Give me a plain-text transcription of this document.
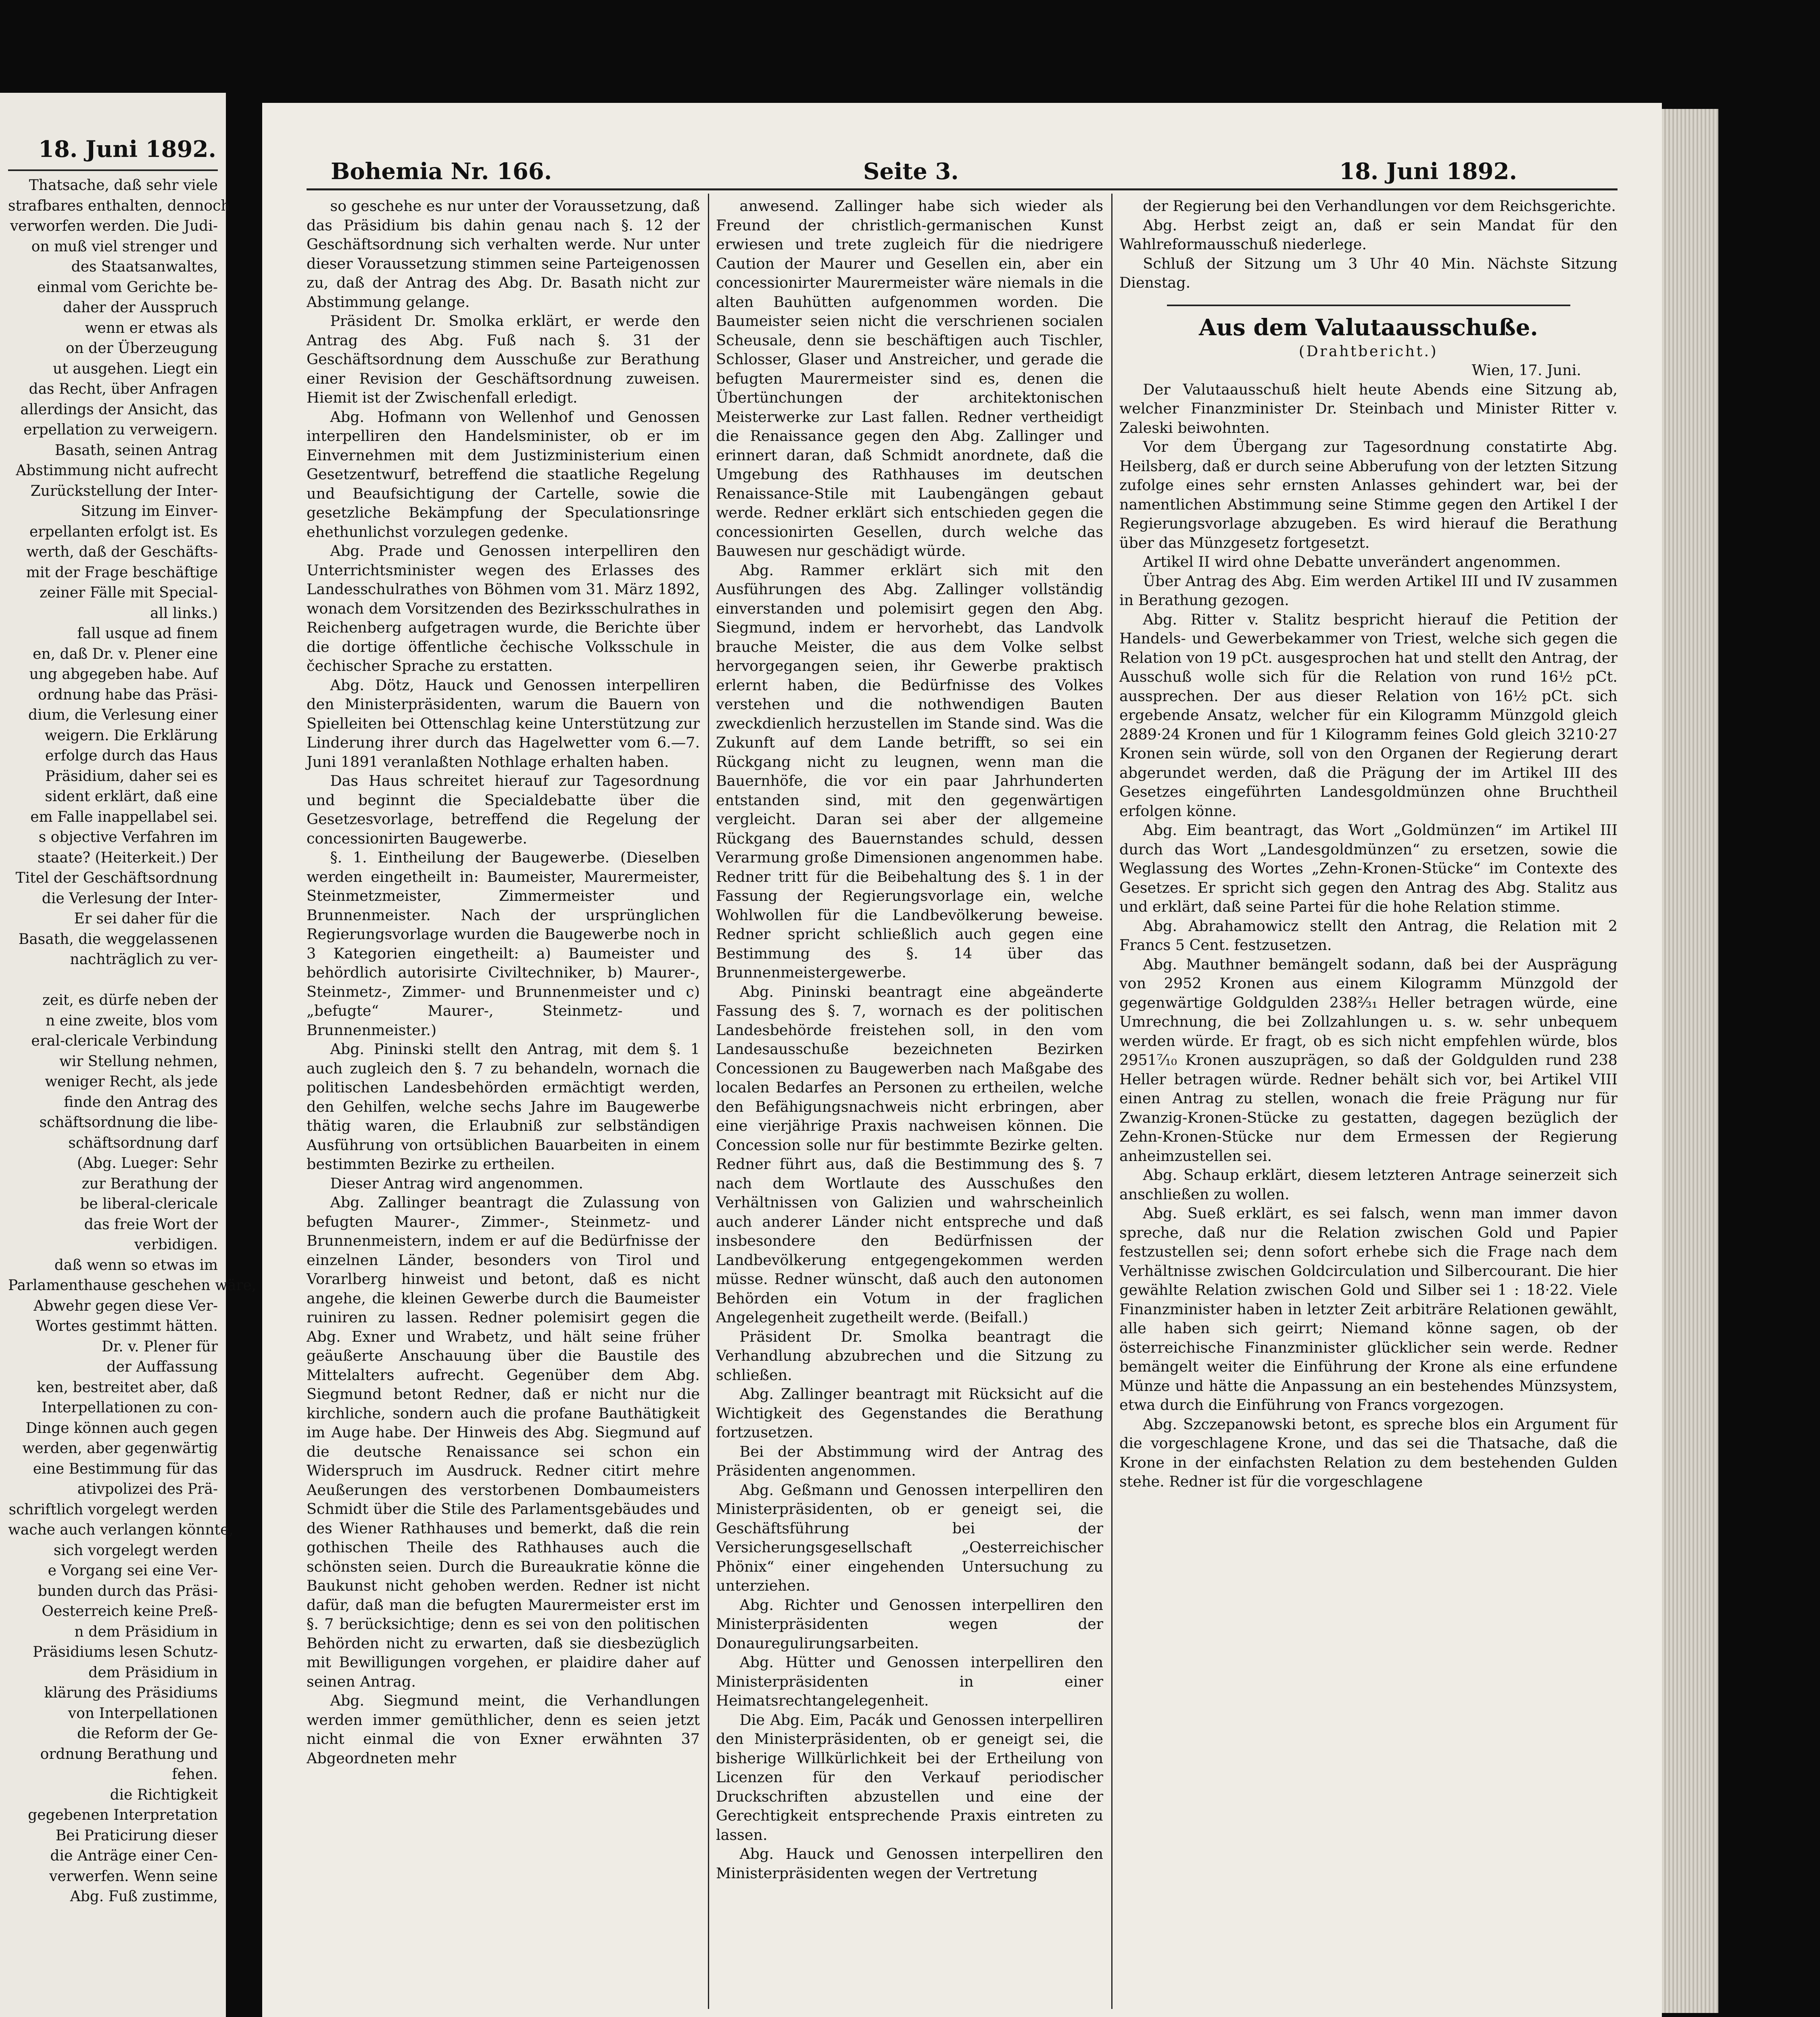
18. Juni 1892.
Thatsache, daß sehr viele
strafbares enthalten, dennoch
verworfen werden. Die Judi-
on muß viel strenger und
des Staatsanwaltes,
einmal vom Gerichte be-
daher der Ausspruch
wenn er etwas als
on der Überzeugung
ut ausgehen. Liegt ein
das Recht, über Anfragen
allerdings der Ansicht, das
erpellation zu verweigern.
Basath, seinen Antrag
Abstimmung nicht aufrecht
Zurückstellung der Inter-
Sitzung im Einver-
erpellanten erfolgt ist. Es
werth, daß der Geschäfts-
mit der Frage beschäftige
zeiner Fälle mit Special-
all links.)
fall usque ad finem
en, daß Dr. v. Plener eine
ung abgegeben habe. Auf
ordnung habe das Präsi-
dium, die Verlesung einer
weigern. Die Erklärung
erfolge durch das Haus
Präsidium, daher sei es
sident erklärt, daß eine
em Falle inappellabel sei.
s objective Verfahren im
staate? (Heiterkeit.) Der
Titel der Geschäftsordnung
die Verlesung der Inter-
Er sei daher für die
Basath, die weggelassenen
nachträglich zu ver-

zeit, es dürfe neben der
n eine zweite, blos vom
eral-clericale Verbindung
wir Stellung nehmen,
weniger Recht, als jede
finde den Antrag des
schäftsordnung die libe-
schäftsordnung darf
(Abg. Lueger: Sehr
zur Berathung der
be liberal-clericale
das freie Wort der
verbidigen.
daß wenn so etwas im
Parlamenthause geschehen wäre,
Abwehr gegen diese Ver-
Wortes gestimmt hätten.
Dr. v. Plener für
der Auffassung
ken, bestreitet aber, daß
Interpellationen zu con-
Dinge können auch gegen
werden, aber gegenwärtig
eine Bestimmung für das
ativpolizei des Prä-
schriftlich vorgelegt werden
wache auch verlangen könnte,
sich vorgelegt werden
e Vorgang sei eine Ver-
bunden durch das Präsi-
Oesterreich keine Preß-
n dem Präsidium in
Präsidiums lesen Schutz-
dem Präsidium in
klärung des Präsidiums
von Interpellationen
die Reform der Ge-
ordnung Berathung und
fehen.
die Richtigkeit
gegebenen Interpretation
Bei Praticirung dieser
die Anträge einer Cen-
verwerfen. Wenn seine
Abg. Fuß zustimme,
Bohemia Nr. 166.	Seite 3.	18. Juni 1892.

so geschehe es nur unter der Voraussetzung, daß das Präsidium bis dahin genau nach §. 12 der Geschäftsordnung sich verhalten werde. Nur unter dieser Voraussetzung stimmen seine Parteigenossen zu, daß der Antrag des Abg. Dr. Basath nicht zur Abstimmung gelange.

Präsident Dr. Smolka erklärt, er werde den Antrag des Abg. Fuß nach §. 31 der Geschäftsordnung dem Ausschuße zur Berathung einer Revision der Geschäftsordnung zuweisen. Hiemit ist der Zwischenfall erledigt.

Abg. Hofmann von Wellenhof und Genossen interpelliren den Handelsminister, ob er im Einvernehmen mit dem Justizministerium einen Gesetzentwurf, betreffend die staatliche Regelung und Beaufsichtigung der Cartelle, sowie die gesetzliche Bekämpfung der Speculationsringe ehethunlichst vorzulegen gedenke.

Abg. Prade und Genossen interpelliren den Unterrichtsminister wegen des Erlasses des Landesschulrathes von Böhmen vom 31. März 1892, wonach dem Vorsitzenden des Bezirksschulrathes in Reichenberg aufgetragen wurde, die Berichte über die dortige öffentliche čechische Volksschule in čechischer Sprache zu erstatten.

Abg. Dötz, Hauck und Genossen interpelliren den Ministerpräsidenten, warum die Bauern von Spielleiten bei Ottenschlag keine Unterstützung zur Linderung ihrer durch das Hagelwetter vom 6.—7. Juni 1891 veranlaßten Nothlage erhalten haben.

Das Haus schreitet hierauf zur Tagesordnung und beginnt die Specialdebatte über die Gesetzesvorlage, betreffend die Regelung der concessionirten Baugewerbe.

§. 1. Eintheilung der Baugewerbe. (Dieselben werden eingetheilt in: Baumeister, Maurermeister, Steinmetzmeister, Zimmermeister und Brunnenmeister. Nach der ursprünglichen Regierungsvorlage wurden die Baugewerbe noch in 3 Kategorien eingetheilt: a) Baumeister und behördlich autorisirte Civiltechniker, b) Maurer-, Steinmetz-, Zimmer- und Brunnenmeister und c) „befugte“ Maurer-, Steinmetz- und Brunnenmeister.)

Abg. Pininski stellt den Antrag, mit dem §. 1 auch zugleich den §. 7 zu behandeln, wornach die politischen Landesbehörden ermächtigt werden, den Gehilfen, welche sechs Jahre im Baugewerbe thätig waren, die Erlaubniß zur selbständigen Ausführung von ortsüblichen Bauarbeiten in einem bestimmten Bezirke zu ertheilen.

Dieser Antrag wird angenommen.

Abg. Zallinger beantragt die Zulassung von befugten Maurer-, Zimmer-, Steinmetz- und Brunnenmeistern, indem er auf die Bedürfnisse der einzelnen Länder, besonders von Tirol und Vorarlberg hinweist und betont, daß es nicht angehe, die kleinen Gewerbe durch die Baumeister ruiniren zu lassen. Redner polemisirt gegen die Abg. Exner und Wrabetz, und hält seine früher geäußerte Anschauung über die Baustile des Mittelalters aufrecht. Gegenüber dem Abg. Siegmund betont Redner, daß er nicht nur die kirchliche, sondern auch die profane Bauthätigkeit im Auge habe. Der Hinweis des Abg. Siegmund auf die deutsche Renaissance sei schon ein Widerspruch im Ausdruck. Redner citirt mehre Aeußerungen des verstorbenen Dombaumeisters Schmidt über die Stile des Parlamentsgebäudes und des Wiener Rathhauses und bemerkt, daß die rein gothischen Theile des Rathhauses auch die schönsten seien. Durch die Bureaukratie könne die Baukunst nicht gehoben werden. Redner ist nicht dafür, daß man die befugten Maurermeister erst im §. 7 berücksichtige; denn es sei von den politischen Behörden nicht zu erwarten, daß sie diesbezüglich mit Bewilligungen vorgehen, er plaidire daher auf seinen Antrag.

Abg. Siegmund meint, die Verhandlungen werden immer gemüthlicher, denn es seien jetzt nicht einmal die von Exner erwähnten 37 Abgeordneten mehr

anwesend. Zallinger habe sich wieder als Freund der christlich-germanischen Kunst erwiesen und trete zugleich für die niedrigere Caution der Maurer und Gesellen ein, aber ein concessionirter Maurermeister wäre niemals in die alten Bauhütten aufgenommen worden. Die Baumeister seien nicht die verschrienen socialen Scheusale, denn sie beschäftigen auch Tischler, Schlosser, Glaser und Anstreicher, und gerade die befugten Maurermeister sind es, denen die Übertünchungen der architektonischen Meisterwerke zur Last fallen. Redner vertheidigt die Renaissance gegen den Abg. Zallinger und erinnert daran, daß Schmidt anordnete, daß die Umgebung des Rathhauses im deutschen Renaissance-Stile mit Laubengängen gebaut werde. Redner erklärt sich entschieden gegen die concessionirten Gesellen, durch welche das Bauwesen nur geschädigt würde.

Abg. Rammer erklärt sich mit den Ausführungen des Abg. Zallinger vollständig einverstanden und polemisirt gegen den Abg. Siegmund, indem er hervorhebt, das Landvolk brauche Meister, die aus dem Volke selbst hervorgegangen seien, ihr Gewerbe praktisch erlernt haben, die Bedürfnisse des Volkes verstehen und die nothwendigen Bauten zweckdienlich herzustellen im Stande sind. Was die Zukunft auf dem Lande betrifft, so sei ein Rückgang nicht zu leugnen, wenn man die Bauernhöfe, die vor ein paar Jahrhunderten entstanden sind, mit den gegenwärtigen vergleicht. Daran sei aber der allgemeine Rückgang des Bauernstandes schuld, dessen Verarmung große Dimensionen angenommen habe. Redner tritt für die Beibehaltung des §. 1 in der Fassung der Regierungsvorlage ein, welche Wohlwollen für die Landbevölkerung beweise. Redner spricht schließlich auch gegen eine Bestimmung des §. 14 über das Brunnenmeistergewerbe.

Abg. Pininski beantragt eine abgeänderte Fassung des §. 7, wornach es der politischen Landesbehörde freistehen soll, in den vom Landesausschuße bezeichneten Bezirken Concessionen zu Baugewerben nach Maßgabe des localen Bedarfes an Personen zu ertheilen, welche den Befähigungsnachweis nicht erbringen, aber eine vierjährige Praxis nachweisen können. Die Concession solle nur für bestimmte Bezirke gelten. Redner führt aus, daß die Bestimmung des §. 7 nach dem Wortlaute des Ausschußes den Verhältnissen von Galizien und wahrscheinlich auch anderer Länder nicht entspreche und daß insbesondere den Bedürfnissen der Landbevölkerung entgegengekommen werden müsse. Redner wünscht, daß auch den autonomen Behörden ein Votum in der fraglichen Angelegenheit zugetheilt werde. (Beifall.)

Präsident Dr. Smolka beantragt die Verhandlung abzubrechen und die Sitzung zu schließen.

Abg. Zallinger beantragt mit Rücksicht auf die Wichtigkeit des Gegenstandes die Berathung fortzusetzen.

Bei der Abstimmung wird der Antrag des Präsidenten angenommen.

Abg. Geßmann und Genossen interpelliren den Ministerpräsidenten, ob er geneigt sei, die Geschäftsführung bei der Versicherungsgesellschaft „Oesterreichischer Phönix“ einer eingehenden Untersuchung zu unterziehen.

Abg. Richter und Genossen interpelliren den Ministerpräsidenten wegen der Donauregulirungsarbeiten.

Abg. Hütter und Genossen interpelliren den Ministerpräsidenten in einer Heimatsrechtangelegenheit.

Die Abg. Eim, Pacák und Genossen interpelliren den Ministerpräsidenten, ob er geneigt sei, die bisherige Willkürlichkeit bei der Ertheilung von Licenzen für den Verkauf periodischer Druckschriften abzustellen und eine der Gerechtigkeit entsprechende Praxis eintreten zu lassen.

Abg. Hauck und Genossen interpelliren den Ministerpräsidenten wegen der Vertretung

der Regierung bei den Verhandlungen vor dem Reichsgerichte.

Abg. Herbst zeigt an, daß er sein Mandat für den Wahlreformausschuß niederlege.

Schluß der Sitzung um 3 Uhr 40 Min. Nächste Sitzung Dienstag.

Aus dem Valutaausschuße.

(Drahtbericht.)

Wien, 17. Juni.

Der Valutaausschuß hielt heute Abends eine Sitzung ab, welcher Finanzminister Dr. Steinbach und Minister Ritter v. Zaleski beiwohnten.

Vor dem Übergang zur Tagesordnung constatirte Abg. Heilsberg, daß er durch seine Abberufung von der letzten Sitzung zufolge eines sehr ernsten Anlasses gehindert war, bei der namentlichen Abstimmung seine Stimme gegen den Artikel I der Regierungsvorlage abzugeben. Es wird hierauf die Berathung über das Münzgesetz fortgesetzt.

Artikel II wird ohne Debatte unverändert angenommen.

Über Antrag des Abg. Eim werden Artikel III und IV zusammen in Berathung gezogen.

Abg. Ritter v. Stalitz bespricht hierauf die Petition der Handels- und Gewerbekammer von Triest, welche sich gegen die Relation von 19 pCt. ausgesprochen hat und stellt den Antrag, der Ausschuß wolle sich für die Relation von rund 16½ pCt. aussprechen. Der aus dieser Relation von 16½ pCt. sich ergebende Ansatz, welcher für ein Kilogramm Münzgold gleich 2889·24 Kronen und für 1 Kilogramm feines Gold gleich 3210·27 Kronen sein würde, soll von den Organen der Regierung derart abgerundet werden, daß die Prägung der im Artikel III des Gesetzes eingeführten Landesgoldmünzen ohne Bruchtheil erfolgen könne.

Abg. Eim beantragt, das Wort „Goldmünzen“ im Artikel III durch das Wort „Landesgoldmünzen“ zu ersetzen, sowie die Weglassung des Wortes „Zehn-Kronen-Stücke“ im Contexte des Gesetzes. Er spricht sich gegen den Antrag des Abg. Stalitz aus und erklärt, daß seine Partei für die hohe Relation stimme.

Abg. Abrahamowicz stellt den Antrag, die Relation mit 2 Francs 5 Cent. festzusetzen.

Abg. Mauthner bemängelt sodann, daß bei der Ausprägung von 2952 Kronen aus einem Kilogramm Münzgold der gegenwärtige Goldgulden 238⅔₁ Heller betragen würde, eine Umrechnung, die bei Zollzahlungen u. s. w. sehr unbequem werden würde. Er fragt, ob es sich nicht empfehlen würde, blos 2951⁷⁄₁₀ Kronen auszuprägen, so daß der Goldgulden rund 238 Heller betragen würde. Redner behält sich vor, bei Artikel VIII einen Antrag zu stellen, wonach die freie Prägung nur für Zwanzig-Kronen-Stücke zu gestatten, dagegen bezüglich der Zehn-Kronen-Stücke nur dem Ermessen der Regierung anheimzustellen sei.

Abg. Schaup erklärt, diesem letzteren Antrage seinerzeit sich anschließen zu wollen.

Abg. Sueß erklärt, es sei falsch, wenn man immer davon spreche, daß nur die Relation zwischen Gold und Papier festzustellen sei; denn sofort erhebe sich die Frage nach dem Verhältnisse zwischen Goldcirculation und Silbercourant. Die hier gewählte Relation zwischen Gold und Silber sei 1 : 18·22. Viele Finanzminister haben in letzter Zeit arbiträre Relationen gewählt, alle haben sich geirrt; Niemand könne sagen, ob der österreichische Finanzminister glücklicher sein werde. Redner bemängelt weiter die Einführung der Krone als eine erfundene Münze und hätte die Anpassung an ein bestehendes Münzsystem, etwa durch die Einführung von Francs vorgezogen.

Abg. Szczepanowski betont, es spreche blos ein Argument für die vorgeschlagene Krone, und das sei die Thatsache, daß die Krone in der einfachsten Relation zu dem bestehenden Gulden stehe. Redner ist für die vorgeschlagene
